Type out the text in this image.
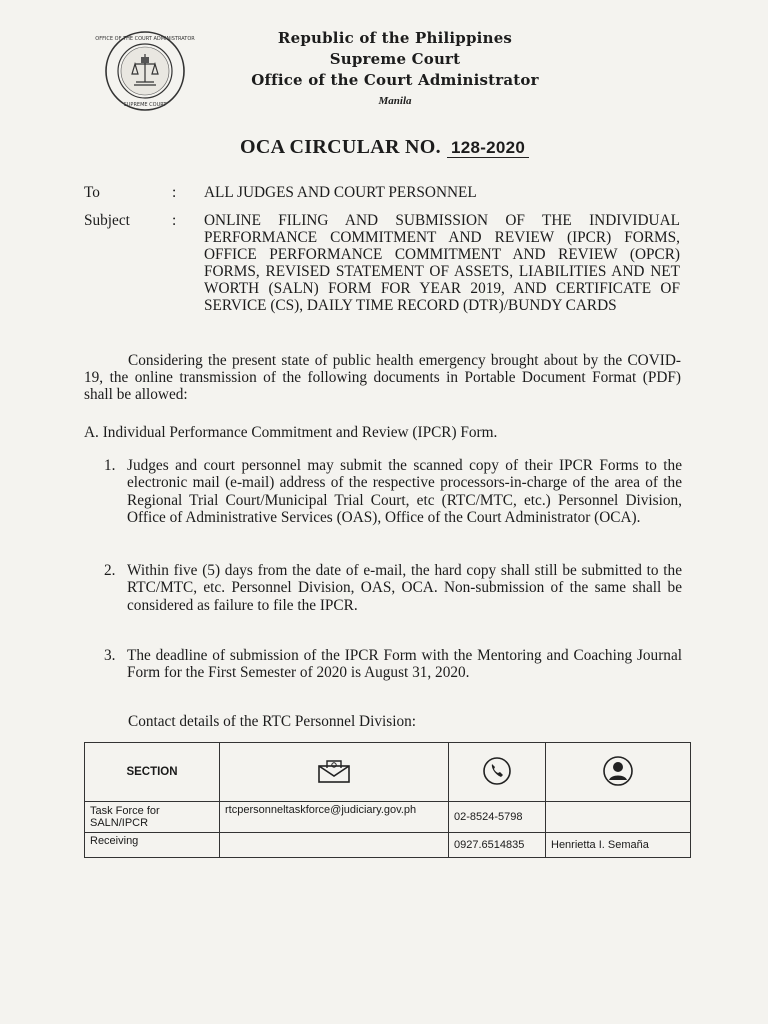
OFFICE OF THE COURT ADMINISTRATOR
SUPREME COURT
Republic of the Philippines
Supreme Court
Office of the Court Administrator
Manila
OCA CIRCULAR NO. 128-2020
To	: ALL JUDGES AND COURT PERSONNEL
Subject	: ONLINE FILING AND SUBMISSION OF THE INDIVIDUAL PERFORMANCE COMMITMENT AND REVIEW (IPCR) FORMS, OFFICE PERFORMANCE COMMITMENT AND REVIEW (OPCR) FORMS, REVISED STATEMENT OF ASSETS, LIABILITIES AND NET WORTH (SALN) FORM FOR YEAR 2019, AND CERTIFICATE OF SERVICE (CS), DAILY TIME RECORD (DTR)/BUNDY CARDS
Considering the present state of public health emergency brought about by the COVID-19, the online transmission of the following documents in Portable Document Format (PDF) shall be allowed:
A. Individual Performance Commitment and Review (IPCR) Form.
1. Judges and court personnel may submit the scanned copy of their IPCR Forms to the electronic mail (e-mail) address of the respective processors-in-charge of the area of the Regional Trial Court/Municipal Trial Court, etc (RTC/MTC, etc.) Personnel Division, Office of Administrative Services (OAS), Office of the Court Administrator (OCA).
2. Within five (5) days from the date of e-mail, the hard copy shall still be submitted to the RTC/MTC, etc. Personnel Division, OAS, OCA. Non-submission of the same shall be considered as failure to file the IPCR.
3. The deadline of submission of the IPCR Form with the Mentoring and Coaching Journal Form for the First Semester of 2020 is August 31, 2020.
Contact details of the RTC Personnel Division:
SECTION			
Task Force for SALN/IPCR	rtcpersonneltaskforce@judiciary.gov.ph	02-8524-5798	
Receiving		0927.6514835	Henrietta I. Semaña
